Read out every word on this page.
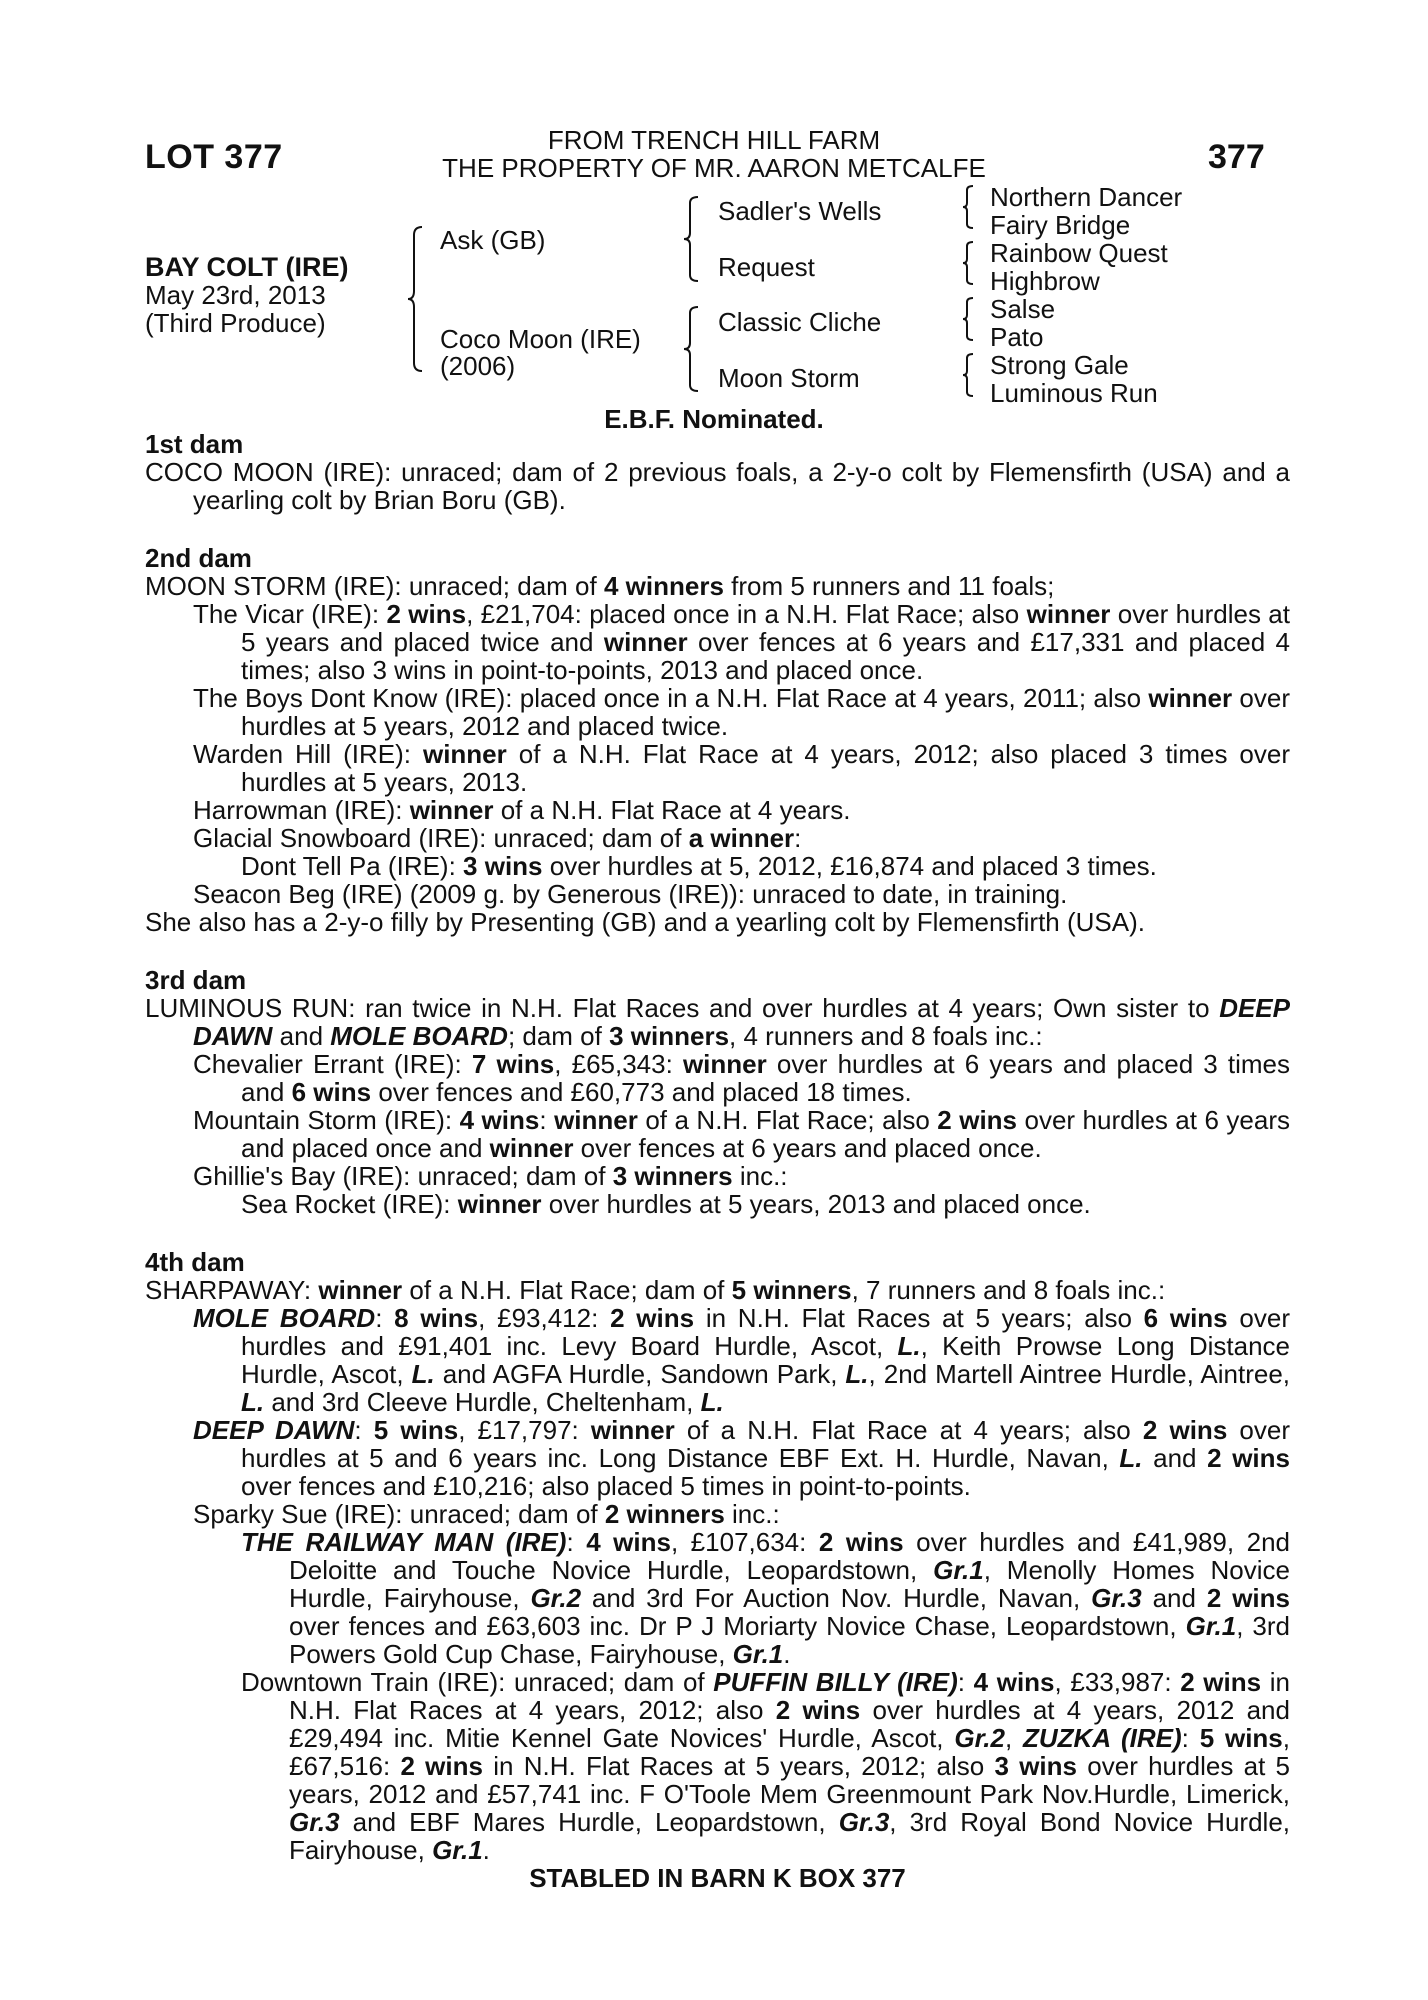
LOT 377	377
FROM TRENCH HILL FARM
THE PROPERTY OF MR. AARON METCALFE
BAY COLT (IRE)
May 23rd, 2013
(Third Produce)
Ask (GB)
Coco Moon (IRE)
(2006)
Sadler's Wells
Request
Classic Cliche
Moon Storm
Northern Dancer
Fairy Bridge
Rainbow Quest
Highbrow
Salse
Pato
Strong Gale
Luminous Run
E.B.F. Nominated.

1st dam

COCO MOON (IRE): unraced; dam of 2 previous foals, a 2-y-o colt by Flemensfirth (USA) and a yearling colt by Brian Boru (GB).

2nd dam

MOON STORM (IRE): unraced; dam of 4 winners from 5 runners and 11 foals;

The Vicar (IRE): 2 wins, £21,704: placed once in a N.H. Flat Race; also winner over hurdles at 5 years and placed twice and winner over fences at 6 years and £17,331 and placed 4 times; also 3 wins in point-to-points, 2013 and placed once.

The Boys Dont Know (IRE): placed once in a N.H. Flat Race at 4 years, 2011; also winner over hurdles at 5 years, 2012 and placed twice.

Warden Hill (IRE): winner of a N.H. Flat Race at 4 years, 2012; also placed 3 times over hurdles at 5 years, 2013.

Harrowman (IRE): winner of a N.H. Flat Race at 4 years.

Glacial Snowboard (IRE): unraced; dam of a winner:

Dont Tell Pa (IRE): 3 wins over hurdles at 5, 2012, £16,874 and placed 3 times.

Seacon Beg (IRE) (2009 g. by Generous (IRE)): unraced to date, in training.

She also has a 2-y-o filly by Presenting (GB) and a yearling colt by Flemensfirth (USA).

3rd dam

LUMINOUS RUN: ran twice in N.H. Flat Races and over hurdles at 4 years; Own sister to DEEP DAWN and MOLE BOARD; dam of 3 winners, 4 runners and 8 foals inc.:

Chevalier Errant (IRE): 7 wins, £65,343: winner over hurdles at 6 years and placed 3 times and 6 wins over fences and £60,773 and placed 18 times.

Mountain Storm (IRE): 4 wins: winner of a N.H. Flat Race; also 2 wins over hurdles at 6 years and placed once and winner over fences at 6 years and placed once.

Ghillie's Bay (IRE): unraced; dam of 3 winners inc.:

Sea Rocket (IRE): winner over hurdles at 5 years, 2013 and placed once.

4th dam

SHARPAWAY: winner of a N.H. Flat Race; dam of 5 winners, 7 runners and 8 foals inc.:

MOLE BOARD: 8 wins, £93,412: 2 wins in N.H. Flat Races at 5 years; also 6 wins over hurdles and £91,401 inc. Levy Board Hurdle, Ascot, L., Keith Prowse Long Distance Hurdle, Ascot, L. and AGFA Hurdle, Sandown Park, L., 2nd Martell Aintree Hurdle, Aintree, L. and 3rd Cleeve Hurdle, Cheltenham, L.

DEEP DAWN: 5 wins, £17,797: winner of a N.H. Flat Race at 4 years; also 2 wins over hurdles at 5 and 6 years inc. Long Distance EBF Ext. H. Hurdle, Navan, L. and 2 wins over fences and £10,216; also placed 5 times in point-to-points.

Sparky Sue (IRE): unraced; dam of 2 winners inc.:

THE RAILWAY MAN (IRE): 4 wins, £107,634: 2 wins over hurdles and £41,989, 2nd Deloitte and Touche Novice Hurdle, Leopardstown, Gr.1, Menolly Homes Novice Hurdle, Fairyhouse, Gr.2 and 3rd For Auction Nov. Hurdle, Navan, Gr.3 and 2 wins over fences and £63,603 inc. Dr P J Moriarty Novice Chase, Leopardstown, Gr.1, 3rd Powers Gold Cup Chase, Fairyhouse, Gr.1.

Downtown Train (IRE): unraced; dam of PUFFIN BILLY (IRE): 4 wins, £33,987: 2 wins in N.H. Flat Races at 4 years, 2012; also 2 wins over hurdles at 4 years, 2012 and £29,494 inc. Mitie Kennel Gate Novices' Hurdle, Ascot, Gr.2, ZUZKA (IRE): 5 wins, £67,516: 2 wins in N.H. Flat Races at 5 years, 2012; also 3 wins over hurdles at 5 years, 2012 and £57,741 inc. F O'Toole Mem Greenmount Park Nov.Hurdle, Limerick, Gr.3 and EBF Mares Hurdle, Leopardstown, Gr.3, 3rd Royal Bond Novice Hurdle, Fairyhouse, Gr.1.

STABLED IN BARN K BOX 377
